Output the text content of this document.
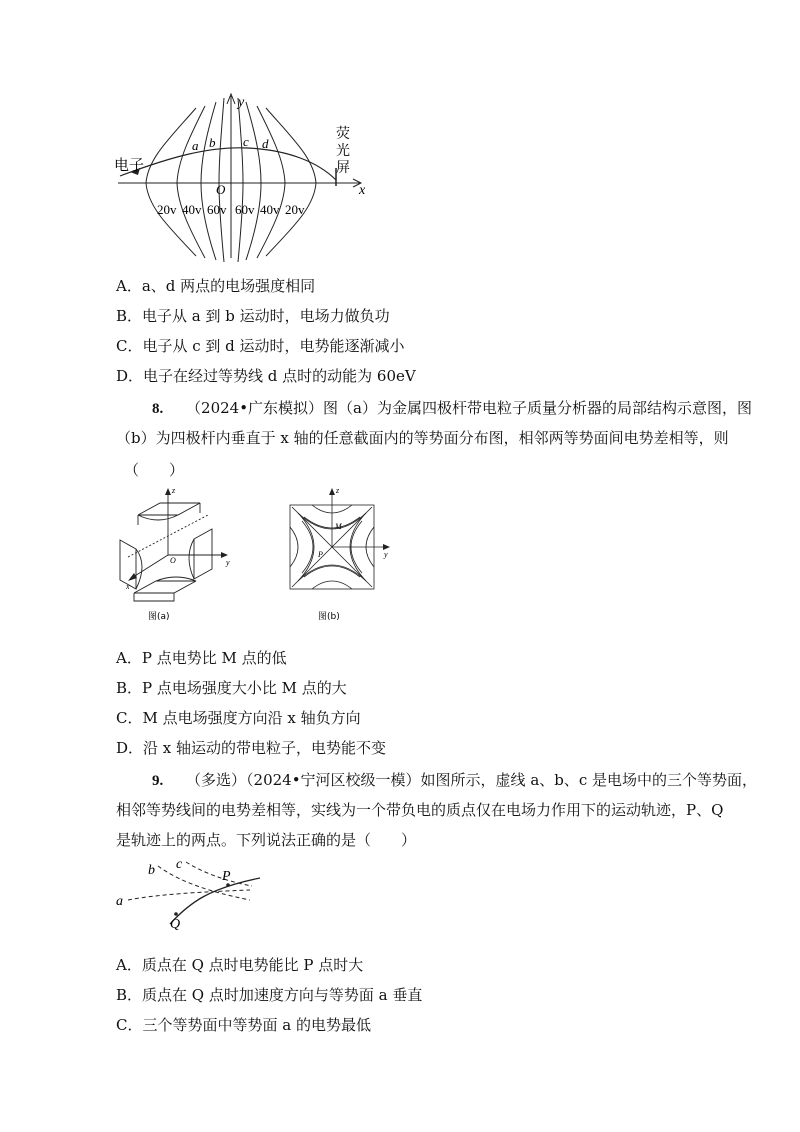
y
x
O
电子
荧
光
屏
a b c d
20v 40v 60v 60v 40v 20v
A．a、d 两点的电场强度相同
B．电子从 a 到 b 运动时，电场力做负功
C．电子从 c 到 d 运动时，电势能逐渐减小
D．电子在经过等势线 d 点时的动能为 60eV
8. （2024•广东模拟）图（a）为金属四极杆带电粒子质量分析器的局部结构示意图，图
（b）为四极杆内垂直于 x 轴的任意截面内的等势面分布图，相邻两等势面间电势差相等，则
（　　）
z
y
x
O
图(a)
z
y
M
P
图(b)
A．P 点电势比 M 点的低
B．P 点电场强度大小比 M 点的大
C．M 点电场强度方向沿 x 轴负方向
D．沿 x 轴运动的带电粒子，电势能不变
9. （多选）（2024•宁河区校级一模）如图所示，虚线 a、b、c 是电场中的三个等势面，
相邻等势线间的电势差相等，实线为一个带负电的质点仅在电场力作用下的运动轨迹，P、Q
是轨迹上的两点。下列说法正确的是（　　）
a
b c
P
Q
A．质点在 Q 点时电势能比 P 点时大
B．质点在 Q 点时加速度方向与等势面 a 垂直
C．三个等势面中等势面 a 的电势最低
